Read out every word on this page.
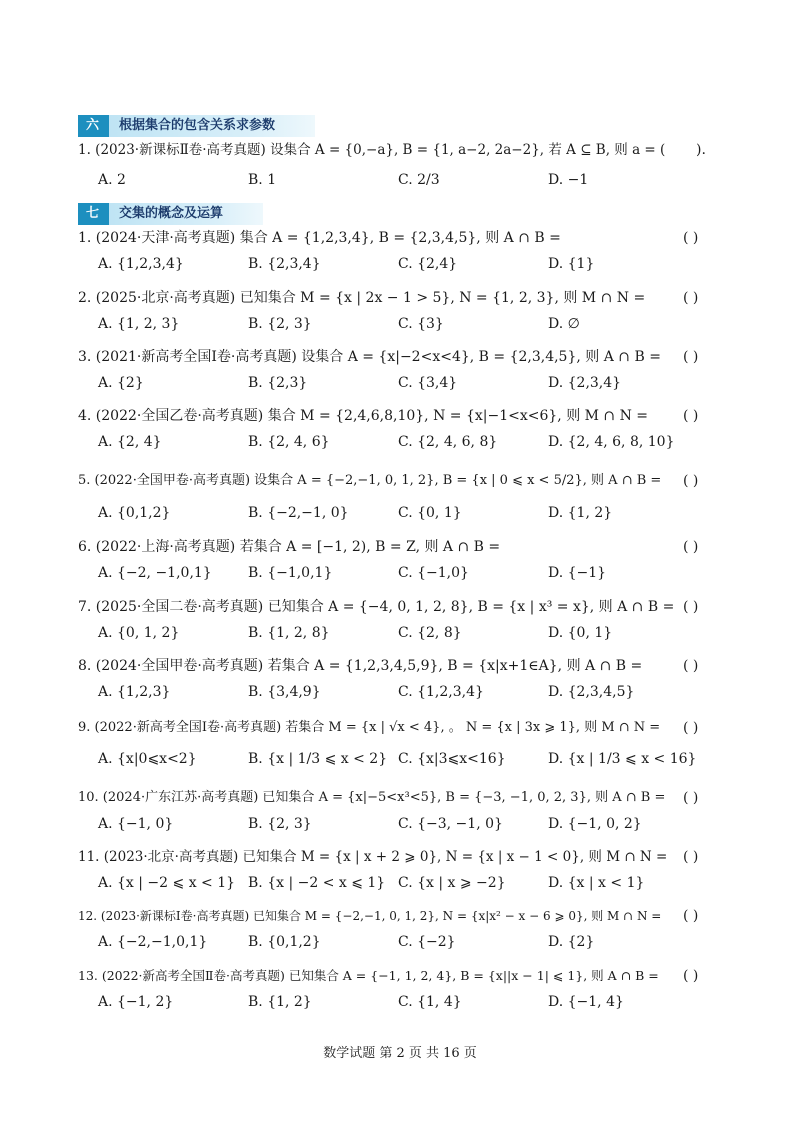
六	根据集合的包含关系求参数
1. (2023·新课标Ⅱ卷·高考真题) 设集合 A = {0,−a}, B = {1, a−2, 2a−2}, 若 A ⊆ B, 则 a = ( ).
A. 2	B. 1	C. 2/3	D. −1
七	交集的概念及运算
1. (2024·天津·高考真题) 集合 A = {1,2,3,4}, B = {2,3,4,5}, 则 A ∩ B =	( )
A. {1,2,3,4}	B. {2,3,4}	C. {2,4}	D. {1}
2. (2025·北京·高考真题) 已知集合 M = {x | 2x − 1 > 5}, N = {1, 2, 3}, 则 M ∩ N =	( )
A. {1, 2, 3}	B. {2, 3}	C. {3}	D. ∅
3. (2021·新高考全国Ⅰ卷·高考真题) 设集合 A = {x|−2<x<4}, B = {2,3,4,5}, 则 A ∩ B = ( )
A. {2}	B. {2,3}	C. {3,4}	D. {2,3,4}
4. (2022·全国乙卷·高考真题) 集合 M = {2,4,6,8,10}, N = {x|−1<x<6}, 则 M ∩ N = ( )
A. {2, 4}	B. {2, 4, 6}	C. {2, 4, 6, 8}	D. {2, 4, 6, 8, 10}
5. (2022·全国甲卷·高考真题) 设集合 A = {−2,−1, 0, 1, 2}, B = {x | 0 ⩽ x < 5/2}, 则 A ∩ B = ( )
A. {0,1,2}	B. {−2,−1, 0}	C. {0, 1}	D. {1, 2}
6. (2022·上海·高考真题) 若集合 A = [−1, 2), B = Z, 则 A ∩ B =	( )
A. {−2, −1,0,1}	B. {−1,0,1}	C. {−1,0}	D. {−1}
7. (2025·全国二卷·高考真题) 已知集合 A = {−4, 0, 1, 2, 8}, B = {x | x³ = x}, 则 A ∩ B = ( )
A. {0, 1, 2}	B. {1, 2, 8}	C. {2, 8}	D. {0, 1}
8. (2024·全国甲卷·高考真题) 若集合 A = {1,2,3,4,5,9}, B = {x|x+1∈A}, 则 A ∩ B =	( )
A. {1,2,3}	B. {3,4,9}	C. {1,2,3,4}	D. {2,3,4,5}
9. (2022·新高考全国Ⅰ卷·高考真题) 若集合 M = {x | √x < 4}, 。 N = {x | 3x ⩾ 1}, 则 M ∩ N = ( )
A. {x|0⩽x<2}	B. {x | 1/3 ⩽ x < 2} C. {x|3⩽x<16}	D. {x | 1/3 ⩽ x < 16}
10. (2024·广东江苏·高考真题) 已知集合 A = {x|−5<x³<5}, B = {−3, −1, 0, 2, 3}, 则 A ∩ B = ( )
A. {−1, 0}	B. {2, 3}	C. {−3, −1, 0}	D. {−1, 0, 2}
11. (2023·北京·高考真题) 已知集合 M = {x | x + 2 ⩾ 0}, N = {x | x − 1 < 0}, 则 M ∩ N = ( )
A. {x | −2 ⩽ x < 1} B. {x | −2 < x ⩽ 1} C. {x | x ⩾ −2}	D. {x | x < 1}
12. (2023·新课标Ⅰ卷·高考真题) 已知集合 M = {−2,−1, 0, 1, 2}, N = {x|x² − x − 6 ⩾ 0}, 则 M ∩ N = ( )
A. {−2,−1,0,1}	B. {0,1,2}	C. {−2}	D. {2}
13. (2022·新高考全国Ⅱ卷·高考真题) 已知集合 A = {−1, 1, 2, 4}, B = {x||x − 1| ⩽ 1}, 则 A ∩ B = ( )
A. {−1, 2}	B. {1, 2}	C. {1, 4}	D. {−1, 4}
数学试题 第 2 页 共 16 页
